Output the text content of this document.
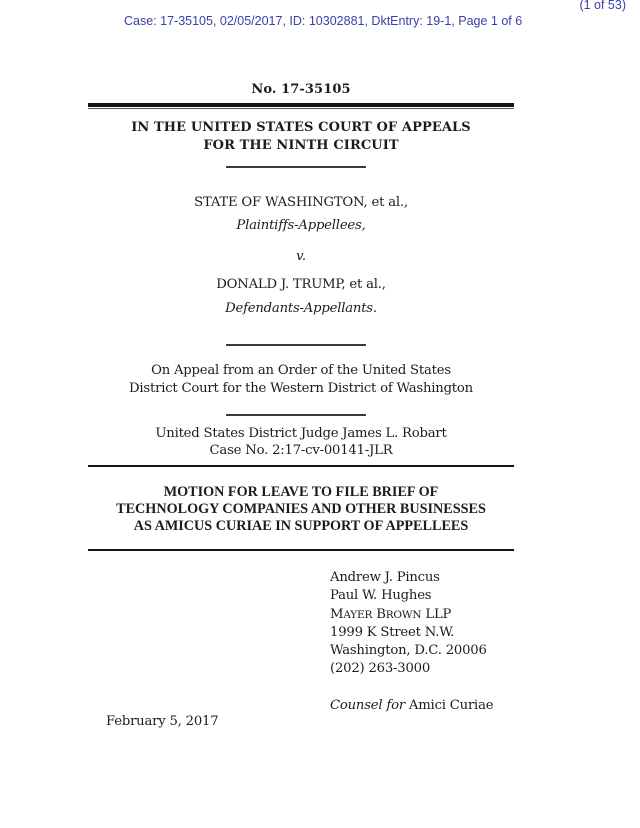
(1 of 53)
Case: 17-35105, 02/05/2017, ID: 10302881, DktEntry: 19-1, Page 1 of 6
No. 17-35105
IN THE UNITED STATES COURT OF APPEALS
FOR THE NINTH CIRCUIT
STATE OF WASHINGTON, et al.,
Plaintiffs-Appellees,
v.
DONALD J. TRUMP, et al.,
Defendants-Appellants.
On Appeal from an Order of the United States
District Court for the Western District of Washington
United States District Judge James L. Robart
Case No. 2:17-cv-00141-JLR
MOTION FOR LEAVE TO FILE BRIEF OF
TECHNOLOGY COMPANIES AND OTHER BUSINESSES
AS AMICUS CURIAE IN SUPPORT OF APPELLEES
Andrew J. Pincus
Paul W. Hughes
MAYER BROWN LLP
1999 K Street N.W.
Washington, D.C. 20006
(202) 263-3000
Counsel for Amici Curiae
February 5, 2017
